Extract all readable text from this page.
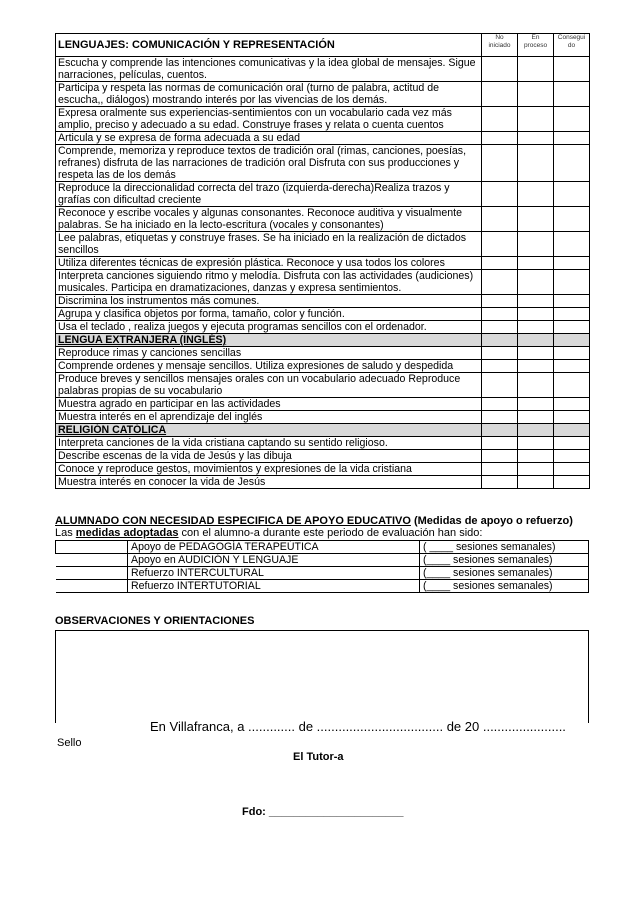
LENGUAJES: COMUNICACIÓN Y REPRESENTACIÓN	No iniciado	En proceso	Consegui do
Escucha y comprende las intenciones comunicativas y la idea global de mensajes. Sigue narraciones, películas, cuentos.			
Participa y respeta las normas de comunicación oral (turno de palabra, actitud de escucha,, diálogos) mostrando interés por las vivencias de los demás.			
Expresa oralmente sus experiencias-sentimientos con un vocabulario cada vez más amplio, preciso y adecuado a su edad. Construye frases y relata o cuenta cuentos			
Articula y se expresa de forma adecuada a su edad			
Comprende, memoriza y reproduce textos de tradición oral (rimas, canciones, poesías, refranes) disfruta de las narraciones de tradición oral Disfruta con sus producciones y respeta las de los demás			
Reproduce la direccionalidad correcta del trazo (izquierda-derecha)Realiza trazos y grafías con dificultad creciente			
Reconoce y escribe vocales y algunas consonantes. Reconoce auditiva y visualmente palabras. Se ha iniciado en la lecto-escritura (vocales y consonantes)			
Lee palabras, etiquetas y construye frases. Se ha iniciado en la realización de dictados sencillos			
Utiliza diferentes técnicas de expresión plástica. Reconoce y usa todos los colores			
Interpreta canciones siguiendo ritmo y melodía. Disfruta con las actividades (audiciones) musicales. Participa en dramatizaciones, danzas y expresa sentimientos.			
Discrimina los instrumentos más comunes.			
Agrupa y clasifica objetos por forma, tamaño, color y función.			
Usa el teclado , realiza juegos y ejecuta programas sencillos con el ordenador.			
LENGUA EXTRANJERA (INGLÉS)			
Reproduce rimas y canciones sencillas			
Comprende ordenes y mensaje sencillos. Utiliza expresiones de saludo y despedida			
Produce breves y sencillos mensajes orales con un vocabulario adecuado Reproduce palabras propias de su vocabulario			
Muestra agrado en participar en las actividades			
Muestra interés en el aprendizaje del inglés			
RELIGIÓN CATÓLICA			
Interpreta canciones de la vida cristiana captando su sentido religioso.			
Describe escenas de la vida de Jesús y las dibuja			
Conoce y reproduce gestos, movimientos y expresiones de la vida cristiana			
Muestra interés en conocer la vida de Jesús			
ALUMNADO CON NECESIDAD ESPECIFICA DE APOYO EDUCATIVO (Medidas de apoyo o refuerzo)
Las medidas adoptadas con el alumno-a durante este periodo de evaluación han sido:
	Apoyo de PEDAGOGÍA TERAPEÚTICA	( ____ sesiones semanales)
	Apoyo en AUDICIÓN Y LENGUAJE	(____ sesiones semanales)
	Refuerzo INTERCULTURAL	(____ sesiones semanales)
	Refuerzo INTERTUTORIAL	(____ sesiones semanales)
OBSERVACIONES Y ORIENTACIONES
En Villafranca, a ............. de ................................... de 20 .......................
Sello
El Tutor-a
Fdo: ______________________
